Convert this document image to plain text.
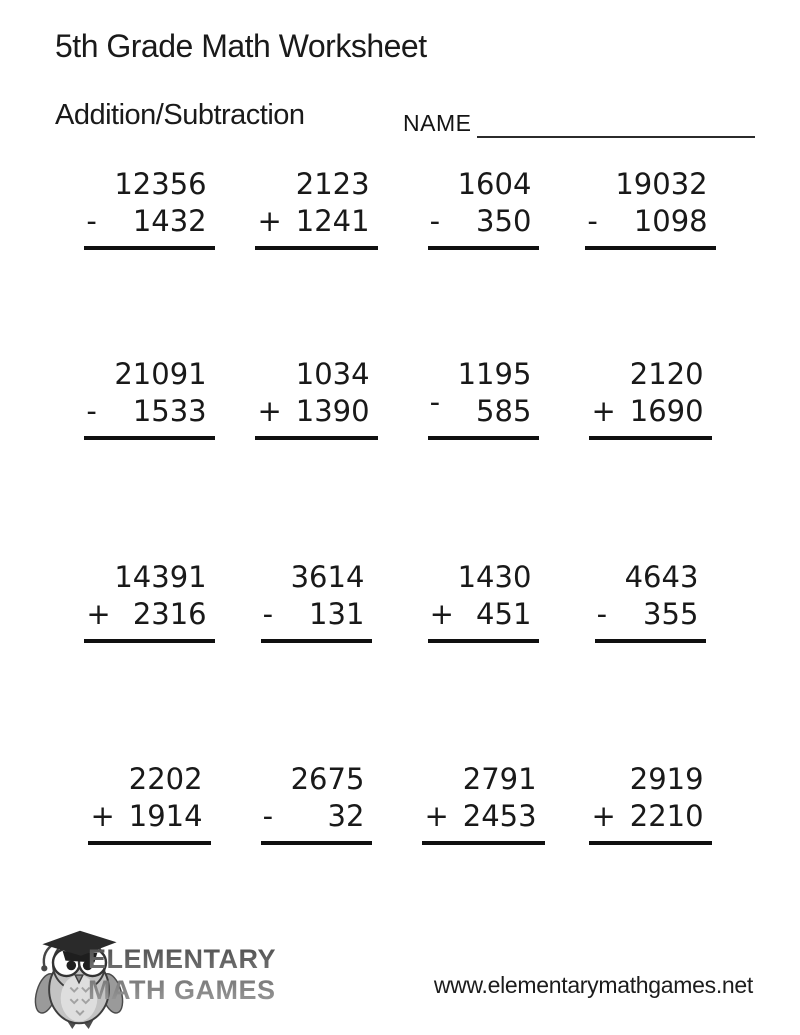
5th Grade Math Worksheet
Addition/Subtraction	NAME
12356
- 1432
2123
+ 1241
1604
- 350
19032
- 1098
21091
- 1533
1034
+ 1390
1195
- 585
2120
+ 1690
14391
+ 2316
3614
- 131
1430
+ 451
4643
- 355
2202
+ 1914
2675
- 32
2791
+ 2453
2919
+ 2210
ELEMENTARY
MATH GAMES	www.elementarymathgames.net
